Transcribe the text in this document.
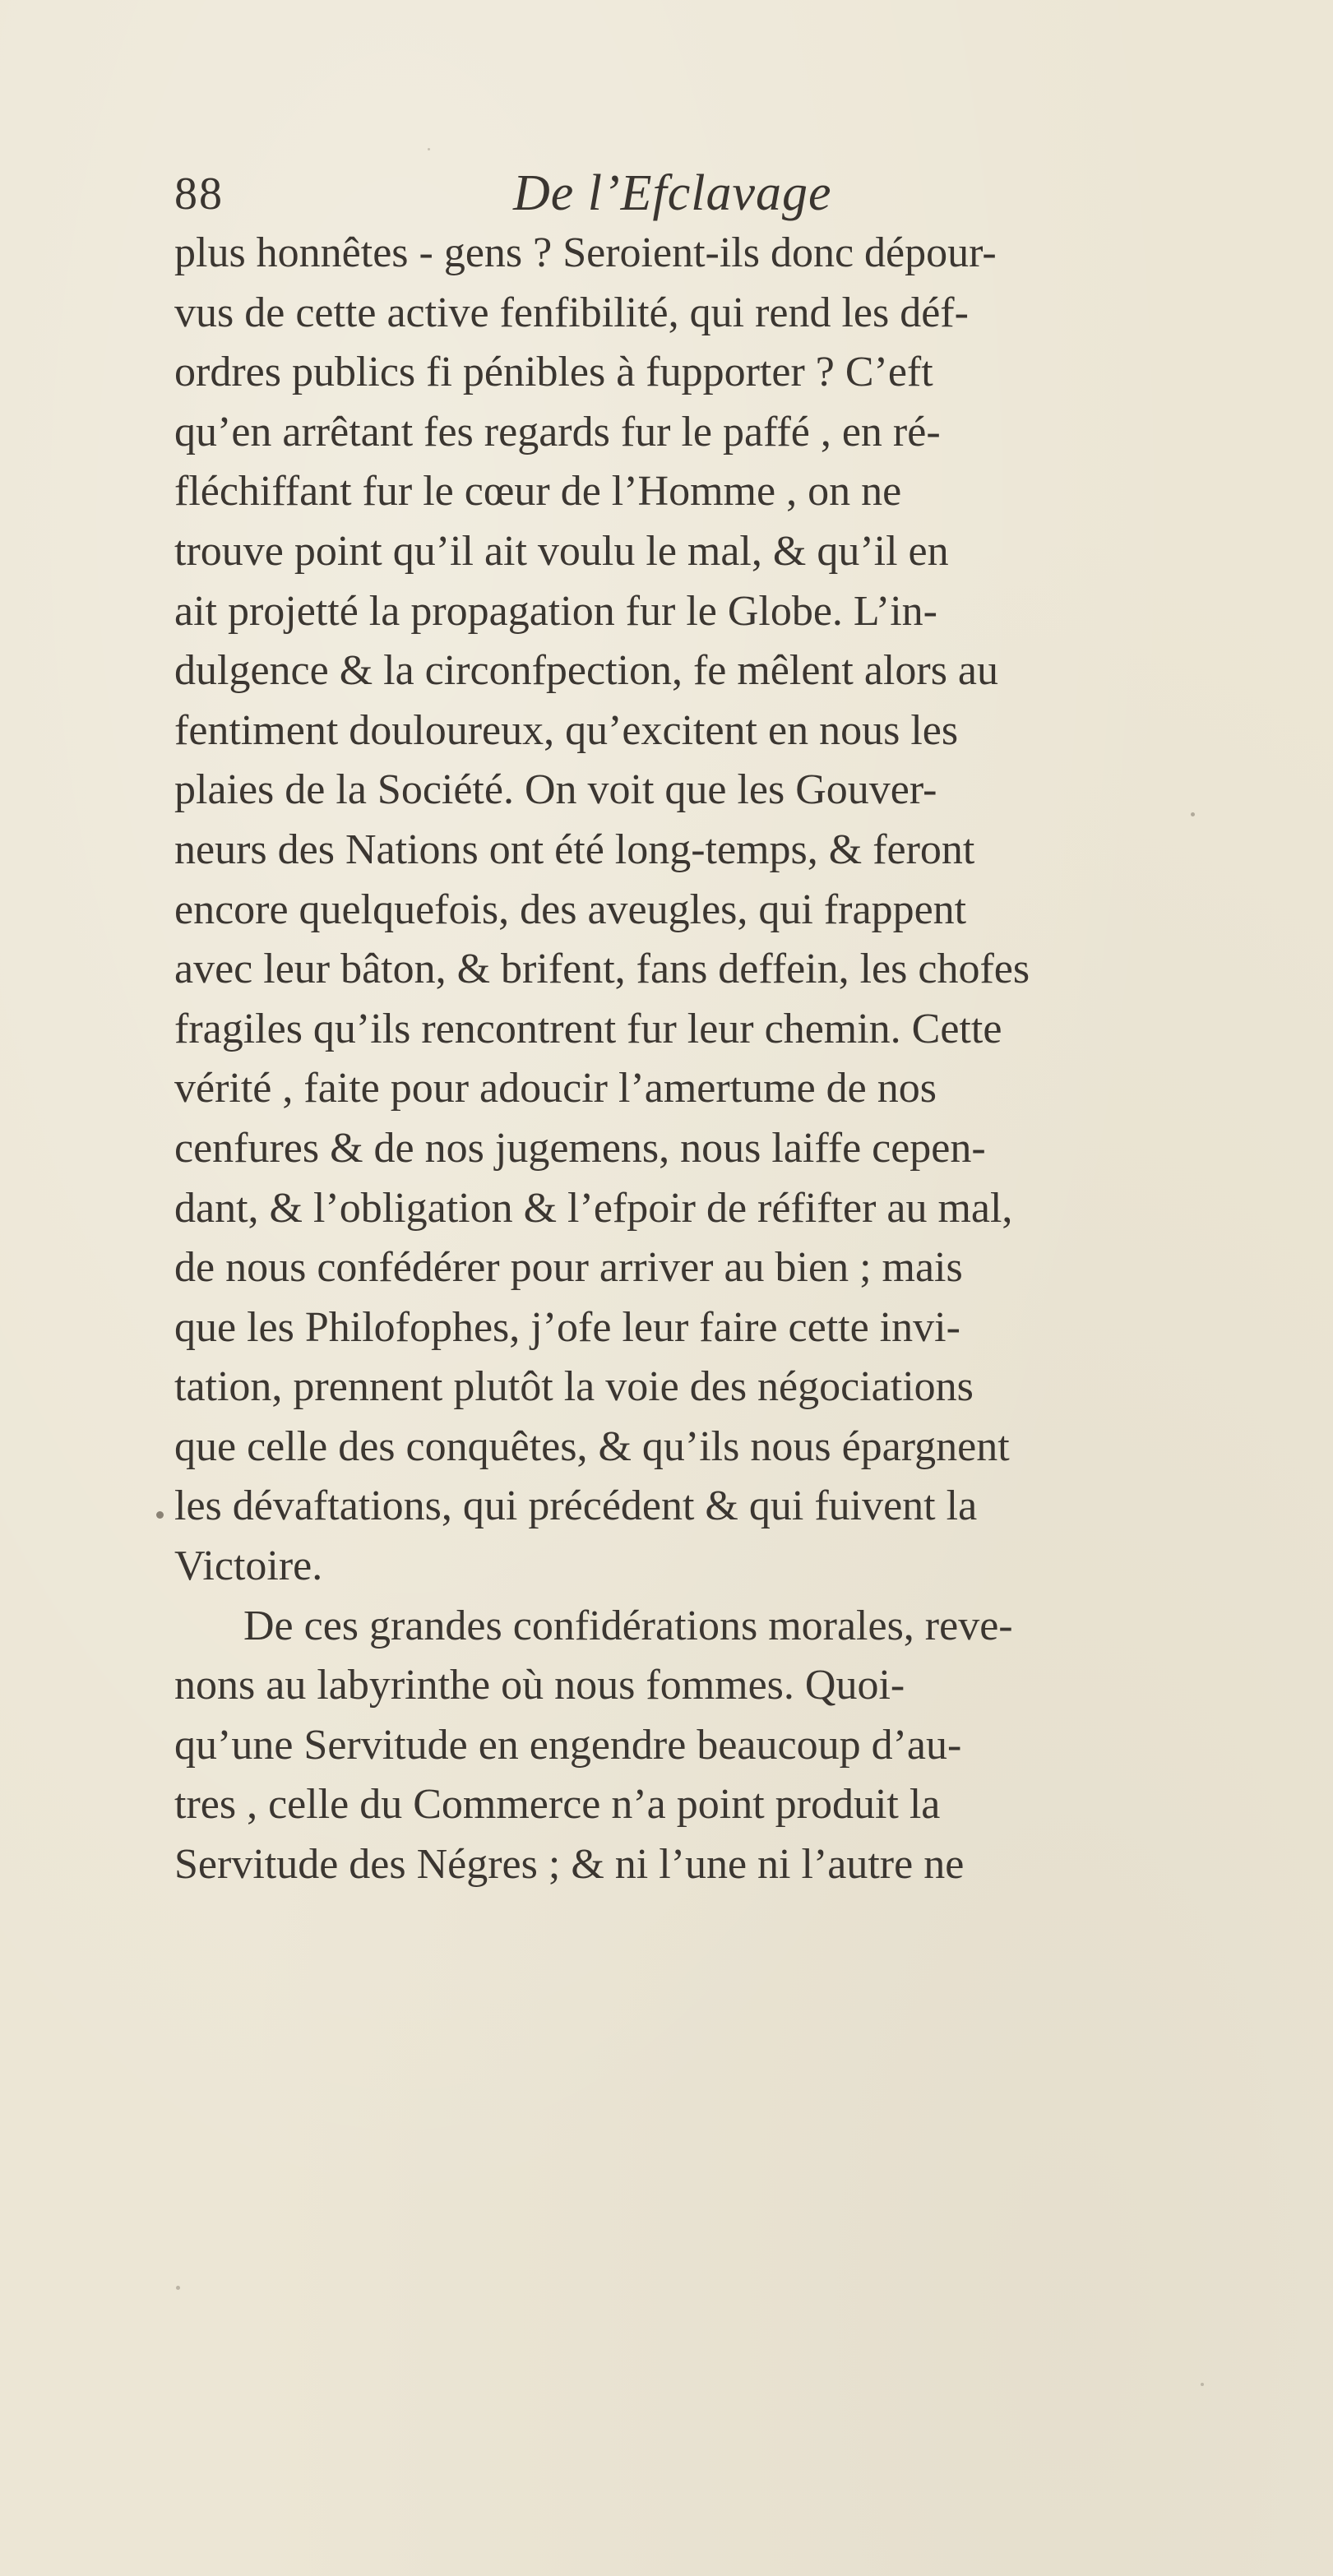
88	De l’Efclavage
plus honnêtes - gens ? Seroient-ils donc dépour-
vus de cette active fenfibilité, qui rend les déf-
ordres publics fi pénibles à fupporter ? C’eft
qu’en arrêtant fes regards fur le paffé , en ré-
fléchiffant fur le cœur de l’Homme , on ne
trouve point qu’il ait voulu le mal, & qu’il en
ait projetté la propagation fur le Globe. L’in-
dulgence & la circonfpection, fe mêlent alors au
fentiment douloureux, qu’excitent en nous les
plaies de la Société. On voit que les Gouver-
neurs des Nations ont été long-temps, & feront
encore quelquefois, des aveugles, qui frappent
avec leur bâton, & brifent, fans deffein, les chofes
fragiles qu’ils rencontrent fur leur chemin. Cette
vérité , faite pour adoucir l’amertume de nos
cenfures & de nos jugemens, nous laiffe cepen-
dant, & l’obligation & l’efpoir de réfifter au mal,
de nous confédérer pour arriver au bien ; mais
que les Philofophes, j’ofe leur faire cette invi-
tation, prennent plutôt la voie des négociations
que celle des conquêtes, & qu’ils nous épargnent
les dévaftations, qui précédent & qui fuivent la
Victoire.
De ces grandes confidérations morales, reve-
nons au labyrinthe où nous fommes. Quoi-
qu’une Servitude en engendre beaucoup d’au-
tres , celle du Commerce n’a point produit la
Servitude des Négres ; & ni l’une ni l’autre ne
